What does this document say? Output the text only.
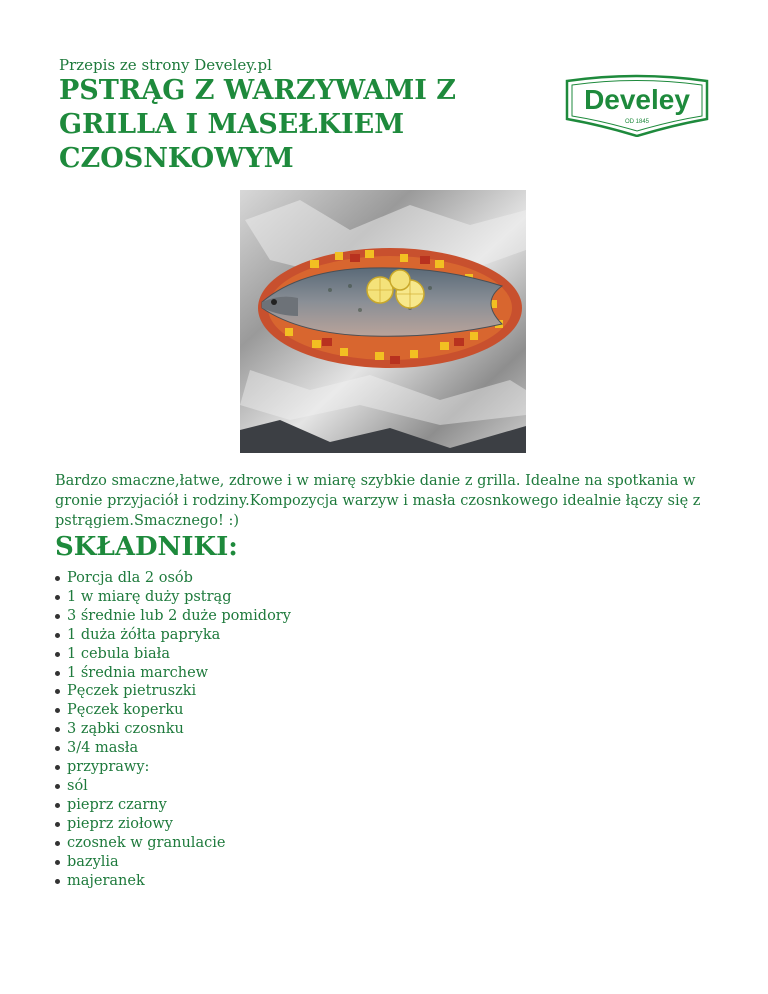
Przepis ze strony Develey.pl
PSTRĄG Z WARZYWAMI Z GRILLA I MASEŁKIEM CZOSNKOWYM
Develey
OD 1845
Bardzo smaczne,łatwe, zdrowe i w miarę szybkie danie z grilla. Idealne na spotkania w gronie przyjaciół i rodziny.Kompozycja warzyw i masła czosnkowego idealnie łączy się z pstrągiem.Smacznego! :)
SKŁADNIKI:
Porcja dla 2 osób
1 w miarę duży pstrąg
3 średnie lub 2 duże pomidory
1 duża żółta papryka
1 cebula biała
1 średnia marchew
Pęczek pietruszki
Pęczek koperku
3 ząbki czosnku
3/4 masła
przyprawy:
sól
pieprz czarny
pieprz ziołowy
czosnek w granulacie
bazylia
majeranek
